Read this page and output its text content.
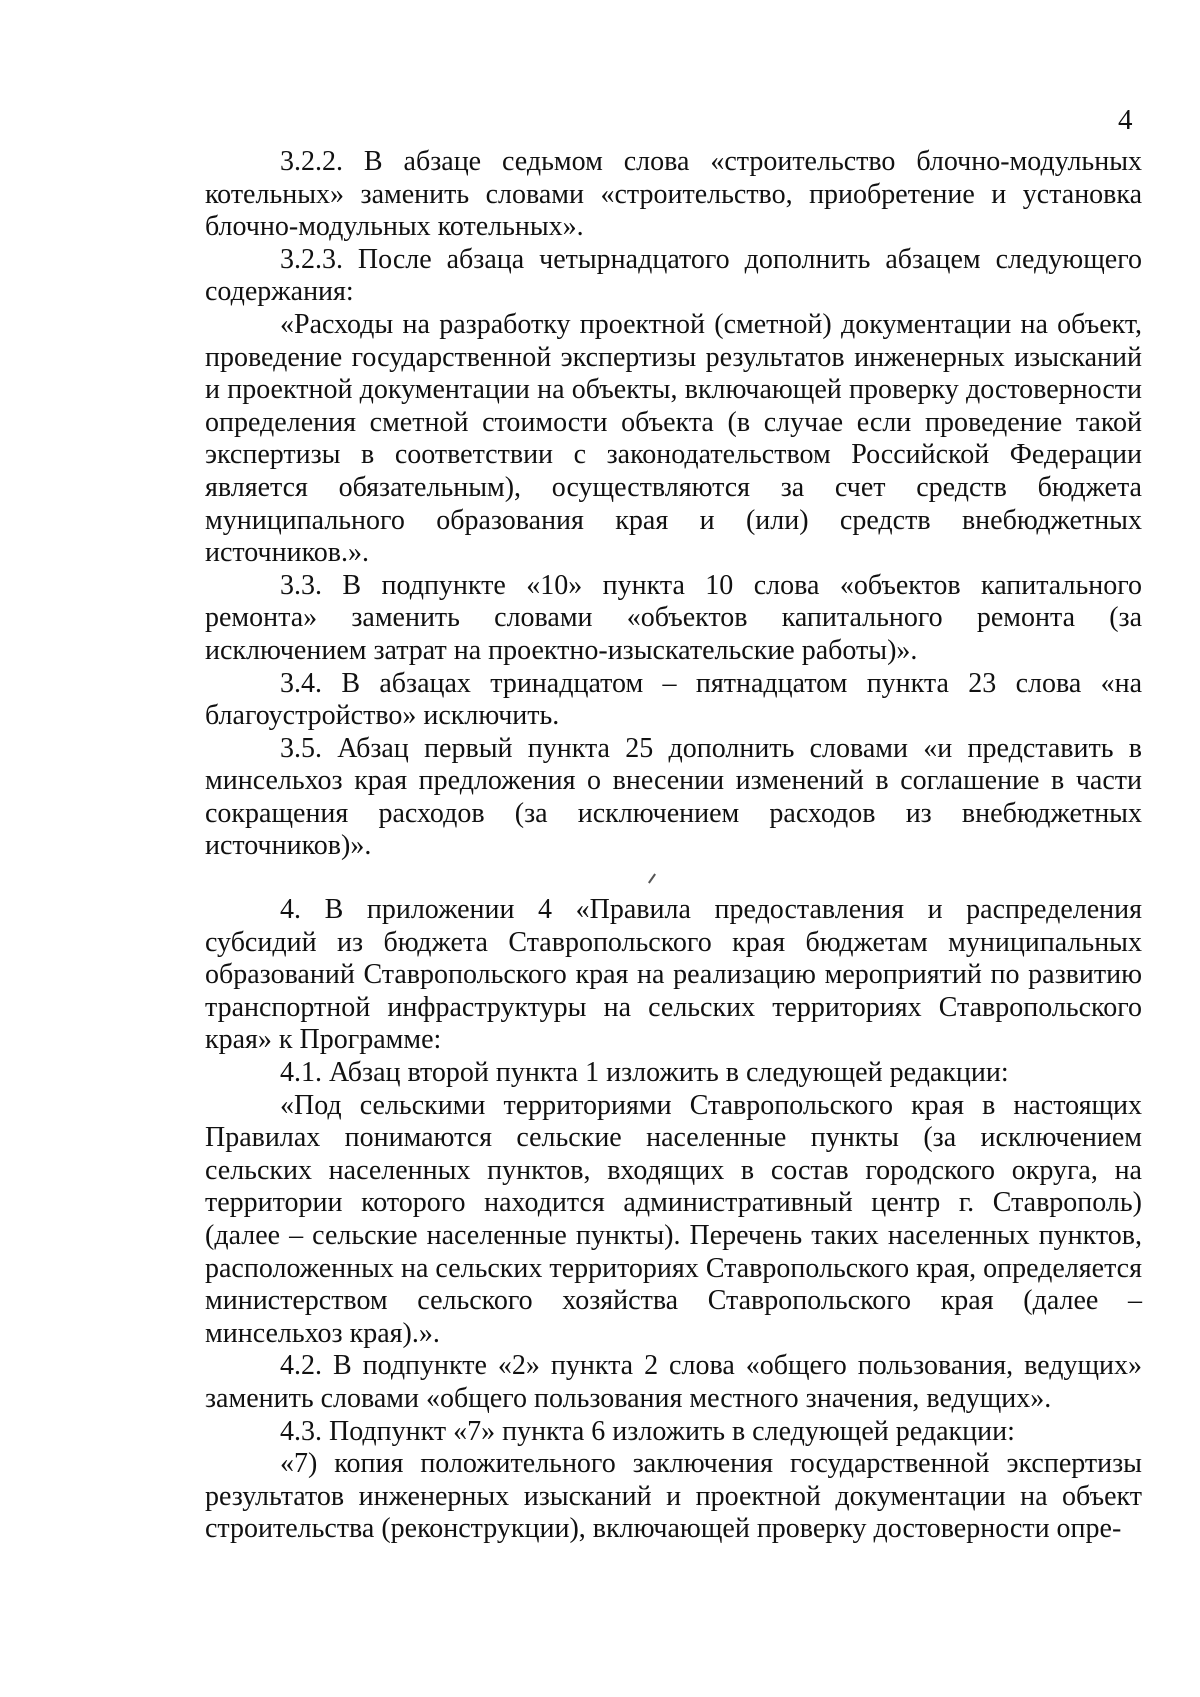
4

3.2.2. В абзаце седьмом слова «строительство блочно-модульных котельных» заменить словами «строительство, приобретение и установка блочно-модульных котельных».

3.2.3. После абзаца четырнадцатого дополнить абзацем следующего содержания:

«Расходы на разработку проектной (сметной) документации на объект, проведение государственной экспертизы результатов инженерных изысканий и проектной документации на объекты, включающей проверку достоверности определения сметной стоимости объекта (в случае если проведение такой экспертизы в соответствии с законодательством Российской Федерации является обязательным), осуществляются за счет средств бюджета муниципального образования края и (или) средств внебюджетных источников.».

3.3. В подпункте «10» пункта 10 слова «объектов капитального ремонта» заменить словами «объектов капитального ремонта (за исключением затрат на проектно-изыскательские работы)».

3.4. В абзацах тринадцатом – пятнадцатом пункта 23 слова «на благоустройство» исключить.

3.5. Абзац первый пункта 25 дополнить словами «и представить в минсельхоз края предложения о внесении изменений в соглашение в части сокращения расходов (за исключением расходов из внебюджетных источников)».

4. В приложении 4 «Правила предоставления и распределения субсидий из бюджета Ставропольского края бюджетам муниципальных образований Ставропольского края на реализацию мероприятий по развитию транспортной инфраструктуры на сельских территориях Ставропольского края» к Программе:

4.1. Абзац второй пункта 1 изложить в следующей редакции:

«Под сельскими территориями Ставропольского края в настоящих Правилах понимаются сельские населенные пункты (за исключением сельских населенных пунктов, входящих в состав городского округа, на территории которого находится административный центр г. Ставрополь) (далее – сельские населенные пункты). Перечень таких населенных пунктов, расположенных на сельских территориях Ставропольского края, определяется министерством сельского хозяйства Ставропольского края (далее – минсельхоз края).».

4.2. В подпункте «2» пункта 2 слова «общего пользования, ведущих» заменить словами «общего пользования местного значения, ведущих».

4.3. Подпункт «7» пункта 6 изложить в следующей редакции:

«7) копия положительного заключения государственной экспертизы результатов инженерных изысканий и проектной документации на объект строительства (реконструкции), включающей проверку достоверности опре-
